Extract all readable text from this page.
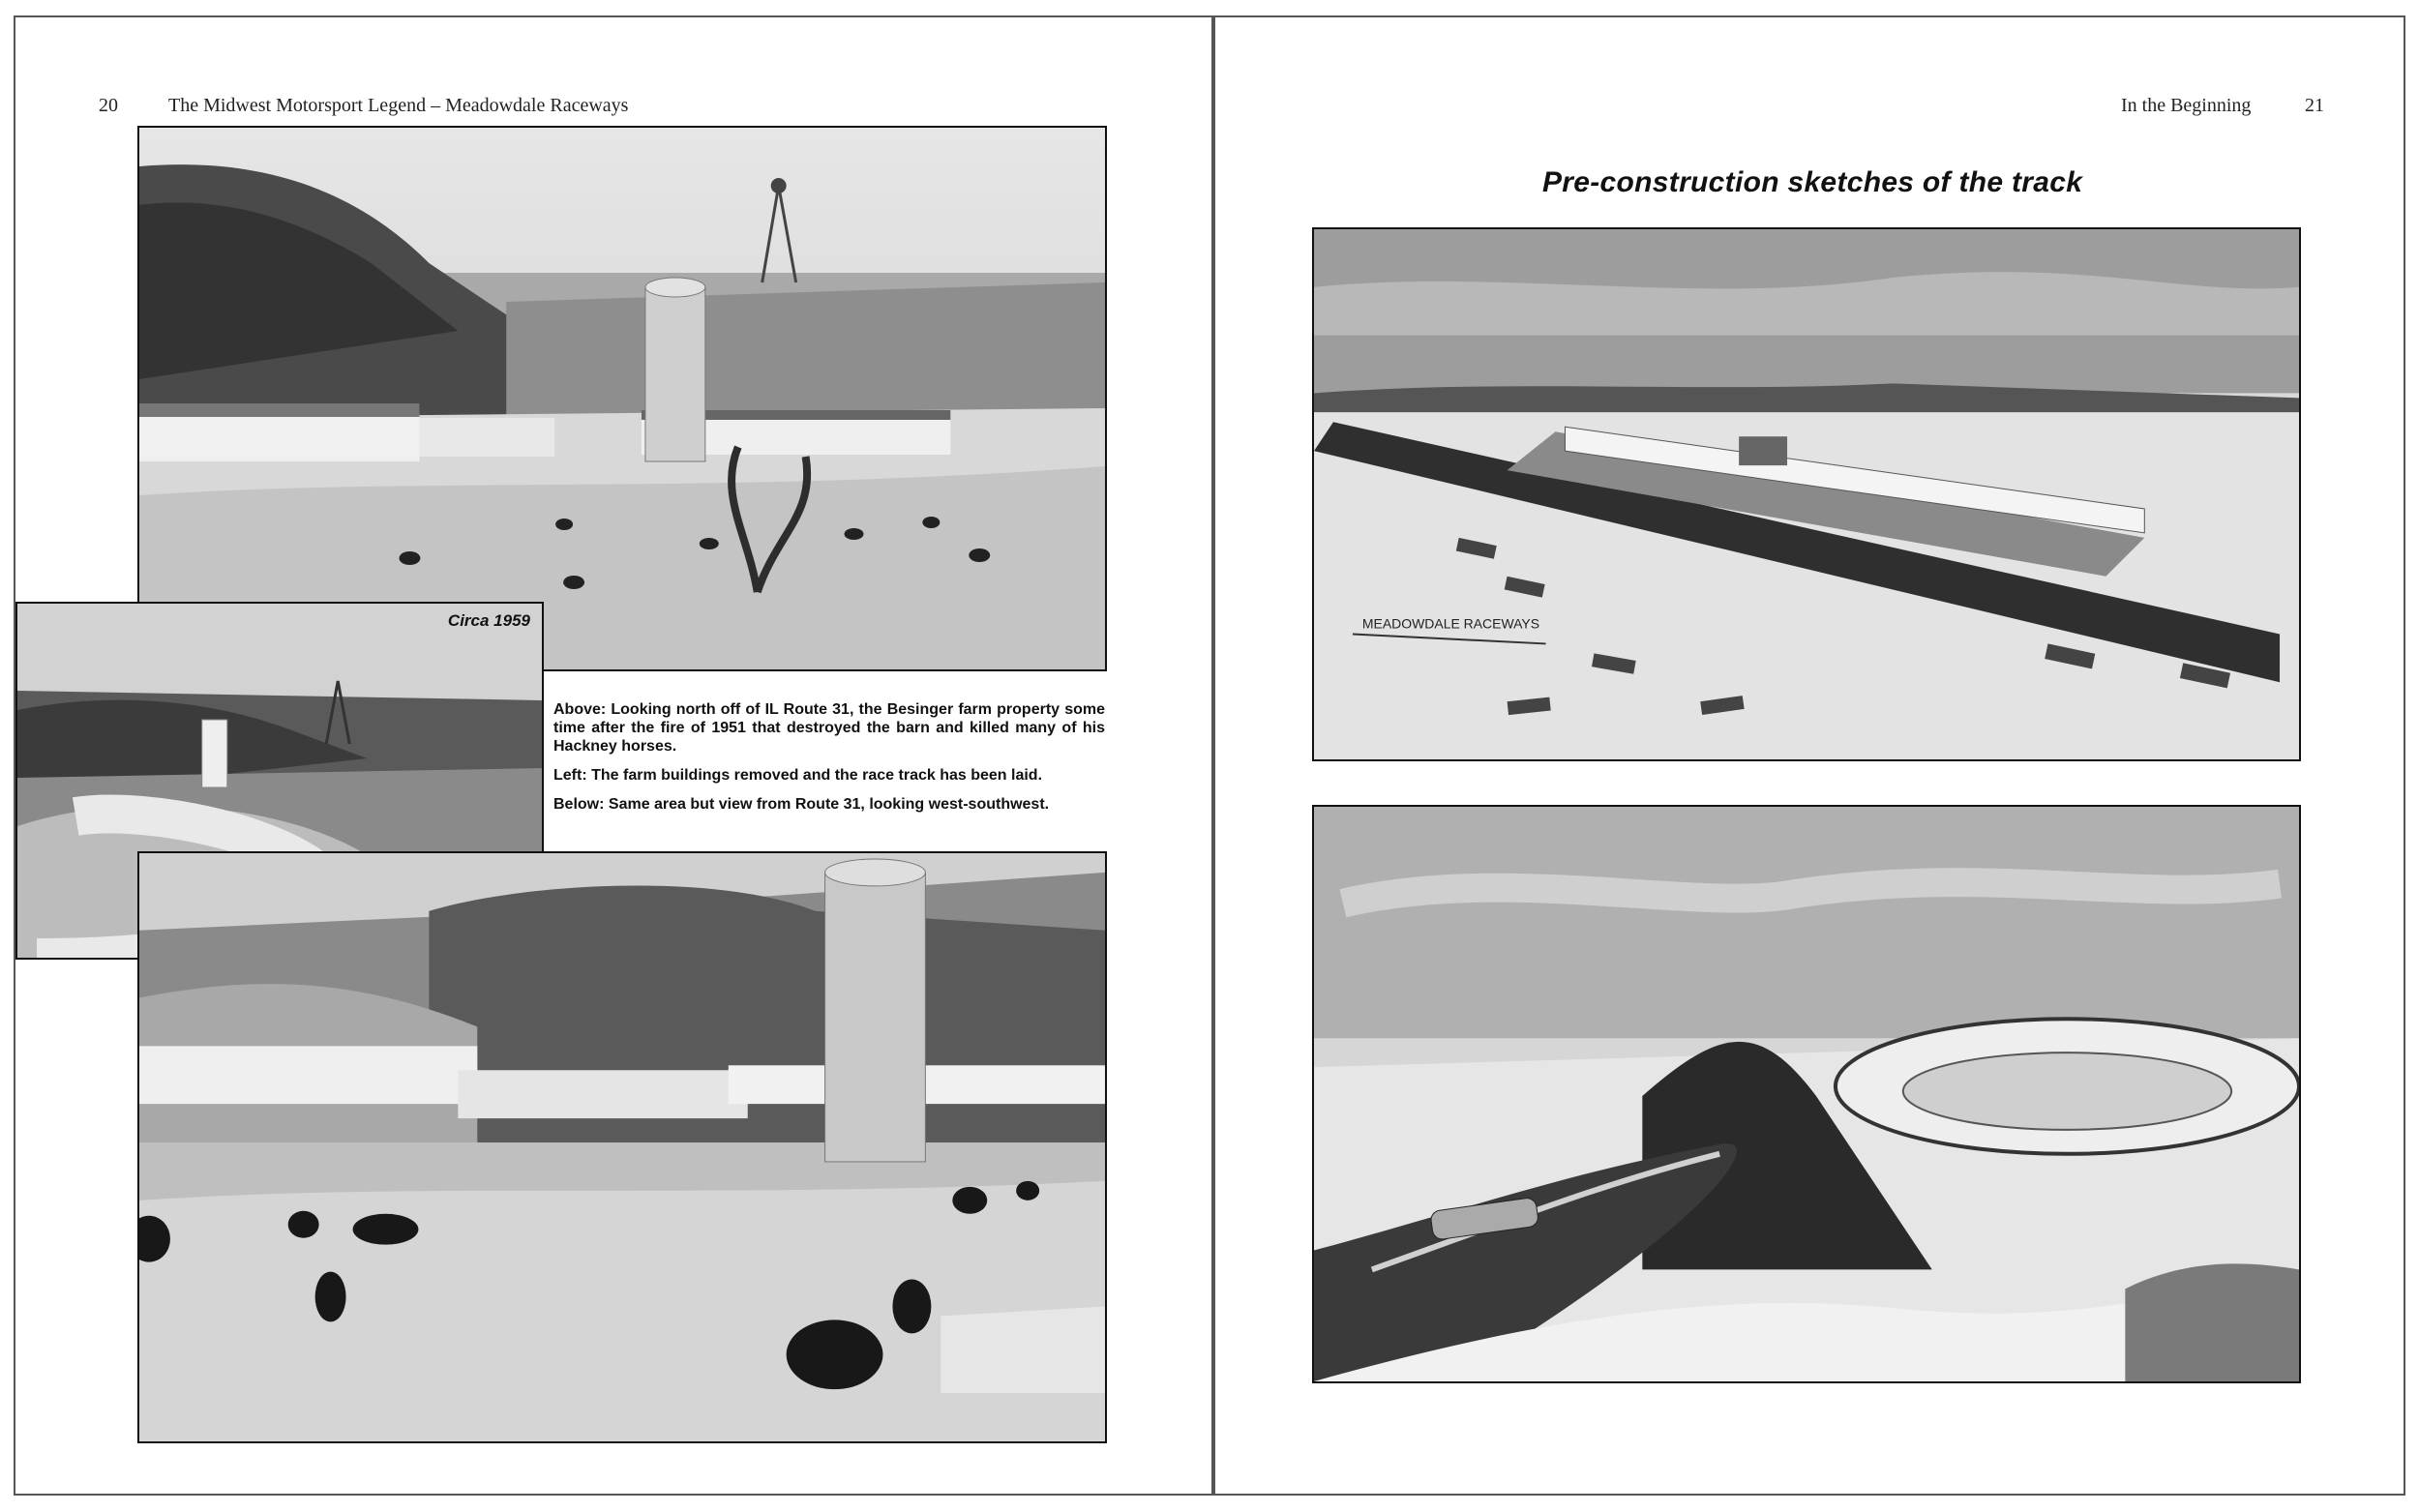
20	The Midwest Motorsport Legend – Meadowdale Raceways
Circa 1959

Above: Looking north off of IL Route 31, the Besinger farm property some time after the fire of 1951 that destroyed the barn and killed many of his Hackney horses.

Left: The farm buildings removed and the race track has been laid.

Below: Same area but view from Route 31, looking west-southwest.

In the Beginning	21
Pre-construction sketches of the track
MEADOWDALE RACEWAYS
